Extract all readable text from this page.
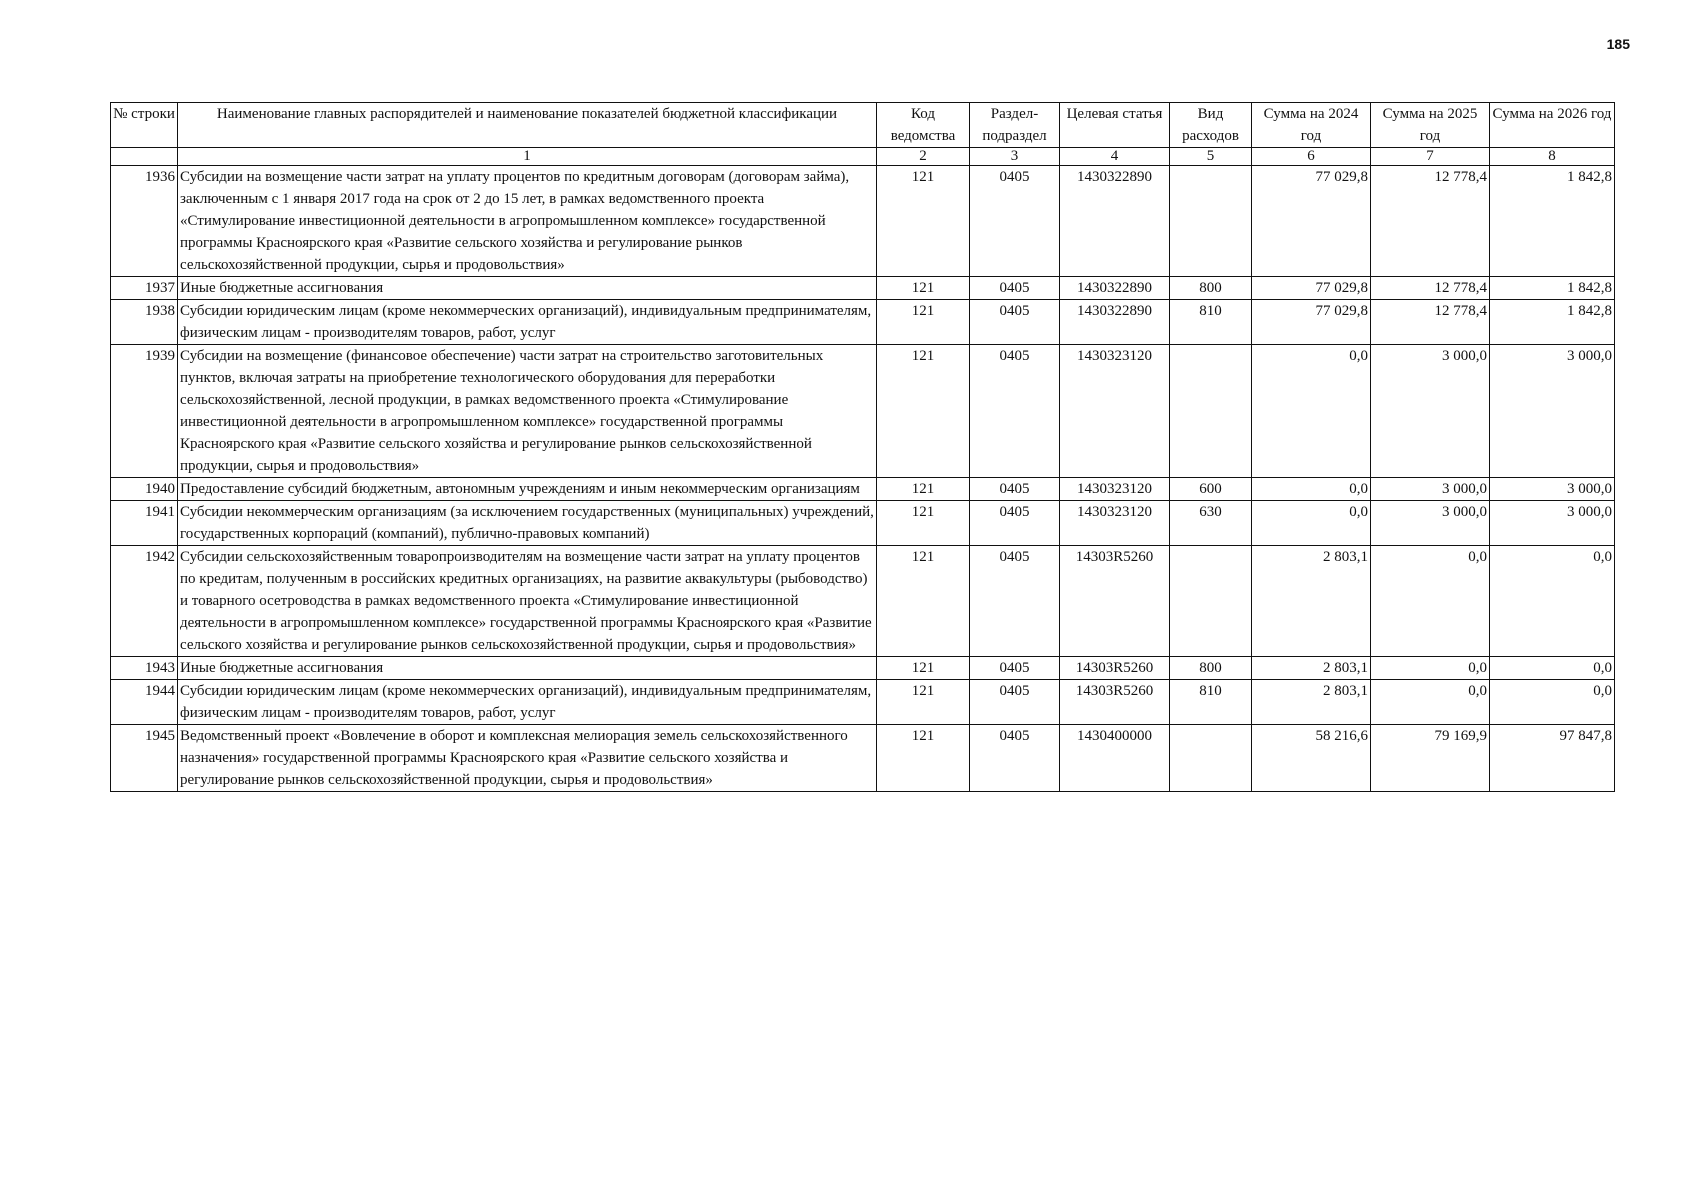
185
№ строки	Наименование главных распорядителей и наименование показателей бюджетной классификации	Код ведомства	Раздел-подраздел	Целевая статья	Вид расходов	Сумма на 2024 год	Сумма на 2025 год	Сумма на 2026 год
	1	2	3	4	5	6	7	8
1936	Субсидии на возмещение части затрат на уплату процентов по кредитным договорам (договорам займа), заключенным с 1 января 2017 года на срок от 2 до 15 лет, в рамках ведомственного проекта «Стимулирование инвестиционной деятельности в агропромышленном комплексе» государственной программы Красноярского края «Развитие сельского хозяйства и регулирование рынков сельскохозяйственной продукции, сырья и продовольствия»	121	0405	1430322890		77 029,8	12 778,4	1 842,8
1937	Иные бюджетные ассигнования	121	0405	1430322890	800	77 029,8	12 778,4	1 842,8
1938	Субсидии юридическим лицам (кроме некоммерческих организаций), индивидуальным предпринимателям, физическим лицам - производителям товаров, работ, услуг	121	0405	1430322890	810	77 029,8	12 778,4	1 842,8
1939	Субсидии на возмещение (финансовое обеспечение) части затрат на строительство заготовительных пунктов, включая затраты на приобретение технологического оборудования для переработки сельскохозяйственной, лесной продукции, в рамках ведомственного проекта «Стимулирование инвестиционной деятельности в агропромышленном комплексе» государственной программы Красноярского края «Развитие сельского хозяйства и регулирование рынков сельскохозяйственной продукции, сырья и продовольствия»	121	0405	1430323120		0,0	3 000,0	3 000,0
1940	Предоставление субсидий бюджетным, автономным учреждениям и иным некоммерческим организациям	121	0405	1430323120	600	0,0	3 000,0	3 000,0
1941	Субсидии некоммерческим организациям (за исключением государственных (муниципальных) учреждений, государственных корпораций (компаний), публично-правовых компаний)	121	0405	1430323120	630	0,0	3 000,0	3 000,0
1942	Субсидии сельскохозяйственным товаропроизводителям на возмещение части затрат на уплату процентов по кредитам, полученным в российских кредитных организациях, на развитие аквакультуры (рыбоводство) и товарного осетроводства в рамках ведомственного проекта «Стимулирование инвестиционной деятельности в агропромышленном комплексе» государственной программы Красноярского края «Развитие сельского хозяйства и регулирование рынков сельскохозяйственной продукции, сырья и продовольствия»	121	0405	14303R5260		2 803,1	0,0	0,0
1943	Иные бюджетные ассигнования	121	0405	14303R5260	800	2 803,1	0,0	0,0
1944	Субсидии юридическим лицам (кроме некоммерческих организаций), индивидуальным предпринимателям, физическим лицам - производителям товаров, работ, услуг	121	0405	14303R5260	810	2 803,1	0,0	0,0
1945	Ведомственный проект «Вовлечение в оборот и комплексная мелиорация земель сельскохозяйственного назначения» государственной программы Красноярского края «Развитие сельского хозяйства и регулирование рынков сельскохозяйственной продукции, сырья и продовольствия»	121	0405	1430400000		58 216,6	79 169,9	97 847,8
